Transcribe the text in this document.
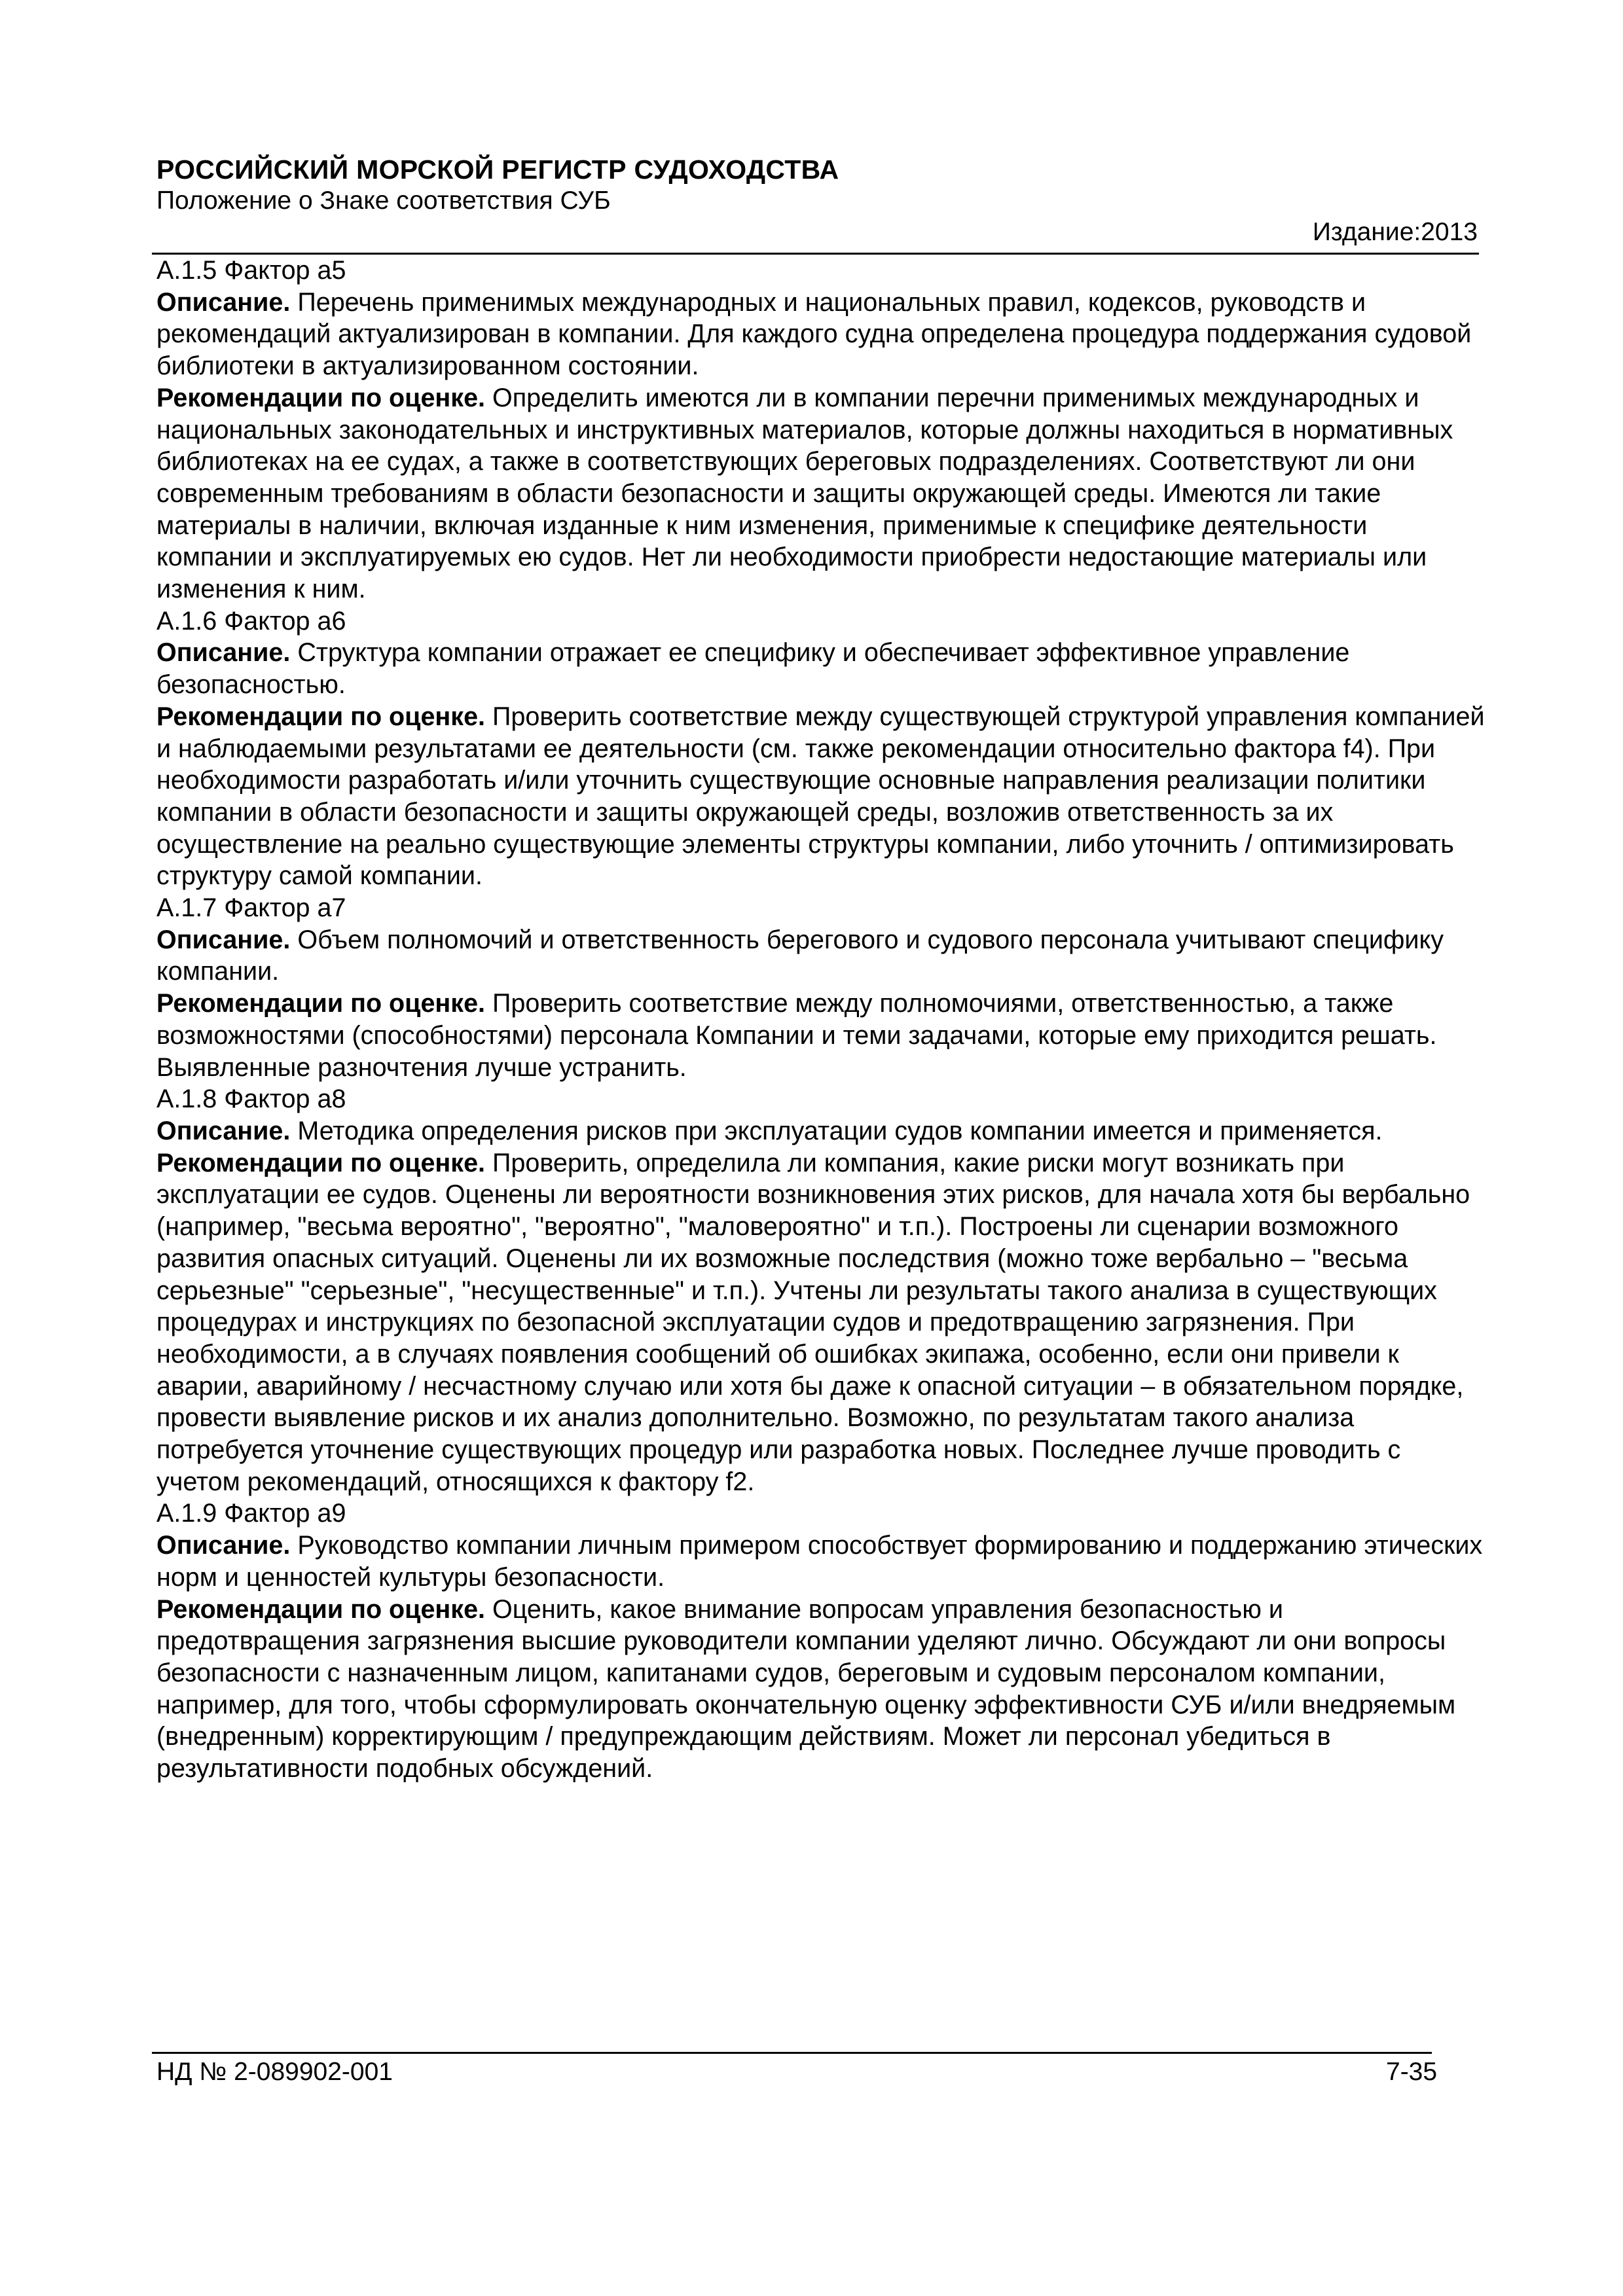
РОССИЙСКИЙ МОРСКОЙ РЕГИСТР СУДОХОДСТВА
Положение о Знаке соответствия СУБ
Издание:2013

А.1.5 Фактор а5

Описание. Перечень применимых международных и национальных правил, кодексов, руководств и рекомендаций актуализирован в компании. Для каждого судна определена процедура поддержания судовой библиотеки в актуализированном состоянии.

Рекомендации по оценке. Определить имеются ли в компании перечни применимых международных и национальных законодательных и инструктивных материалов, которые должны находиться в нормативных библиотеках на ее судах, а также в соответствующих береговых подразделениях. Соответствуют ли они современным требованиям в области безопасности и защиты окружающей среды. Имеются ли такие материалы в наличии, включая изданные к ним изменения, применимые к специфике деятельности компании и эксплуатируемых ею судов. Нет ли необходимости приобрести недостающие материалы или изменения к ним.

А.1.6 Фактор а6

Описание. Структура компании отражает ее специфику и обеспечивает эффективное управление безопасностью.

Рекомендации по оценке. Проверить соответствие между существующей структурой управления компанией и наблюдаемыми результатами ее деятельности (см. также рекомендации относительно фактора f4). При необходимости разработать и/или уточнить существующие основные направления реализации политики компании в области безопасности и защиты окружающей среды, возложив ответственность за их осуществление на реально существующие элементы структуры компании, либо уточнить / оптимизировать структуру самой компании.

А.1.7 Фактор а7

Описание. Объем полномочий и ответственность берегового и судового персонала учитывают специфику компании.

Рекомендации по оценке. Проверить соответствие между полномочиями, ответственностью, а также возможностями (способностями) персонала Компании и теми задачами, которые ему приходится решать. Выявленные разночтения лучше устранить.

А.1.8 Фактор а8

Описание. Методика определения рисков при эксплуатации судов компании имеется и применяется.

Рекомендации по оценке. Проверить, определила ли компания, какие риски могут возникать при эксплуатации ее судов. Оценены ли вероятности возникновения этих рисков, для начала хотя бы вербально (например, "весьма вероятно", "вероятно", "маловероятно" и т.п.). Построены ли сценарии возможного развития опасных ситуаций. Оценены ли их возможные последствия (можно тоже вербально – "весьма серьезные" "серьезные", "несущественные" и т.п.). Учтены ли результаты такого анализа в существующих процедурах и инструкциях по безопасной эксплуатации судов и предотвращению загрязнения. При необходимости, а в случаях появления сообщений об ошибках экипажа, особенно, если они привели к аварии, аварийному / несчастному случаю или хотя бы даже к опасной ситуации – в обязательном порядке, провести выявление рисков и их анализ дополнительно. Возможно, по результатам такого анализа потребуется уточнение существующих процедур или разработка новых. Последнее лучше проводить с учетом рекомендаций, относящихся к фактору f2.

А.1.9 Фактор а9

Описание. Руководство компании личным примером способствует формированию и поддержанию этических норм и ценностей культуры безопасности.

Рекомендации по оценке. Оценить, какое внимание вопросам управления безопасностью и предотвращения загрязнения высшие руководители компании уделяют лично. Обсуждают ли они вопросы безопасности с назначенным лицом, капитанами судов, береговым и судовым персоналом компании, например, для того, чтобы сформулировать окончательную оценку эффективности СУБ и/или внедряемым (внедренным) корректирующим / предупреждающим действиям. Может ли персонал убедиться в результативности подобных обсуждений.

НД № 2-089902-001	7-35
